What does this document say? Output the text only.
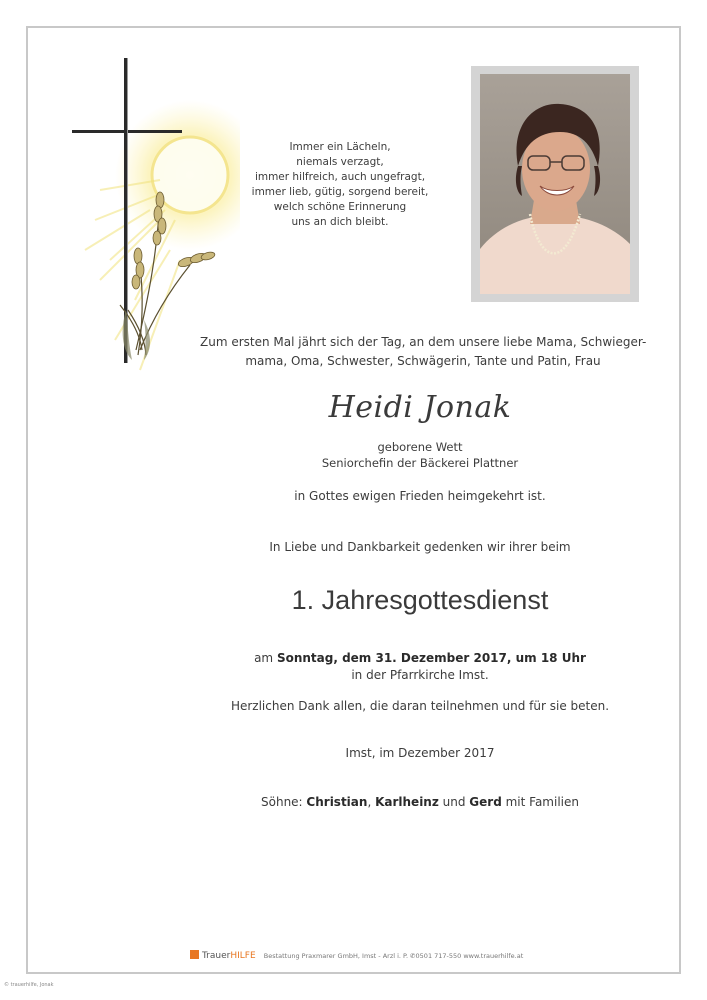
Immer ein Lächeln,
niemals verzagt,
immer hilfreich, auch ungefragt,
immer lieb, gütig, sorgend bereit,
welch schöne Erinnerung
uns an dich bleibt.
Zum ersten Mal jährt sich der Tag, an dem unsere liebe Mama, Schwieger-
mama, Oma, Schwester, Schwägerin, Tante und Patin, Frau
Heidi Jonak
geborene Wett
Seniorchefin der Bäckerei Plattner
in Gottes ewigen Frieden heimgekehrt ist.
In Liebe und Dankbarkeit gedenken wir ihrer beim
1. Jahresgottesdienst
am Sonntag, dem 31. Dezember 2017, um 18 Uhr
in der Pfarrkirche Imst.
Herzlichen Dank allen, die daran teilnehmen und für sie beten.
Imst, im Dezember 2017
Söhne: Christian, Karlheinz und Gerd mit Familien
TrauerHILFE Bestattung Praxmarer GmbH, Imst - Arzl i. P. ✆0501 717-550 www.trauerhilfe.at
© trauerhilfe, Jonak
